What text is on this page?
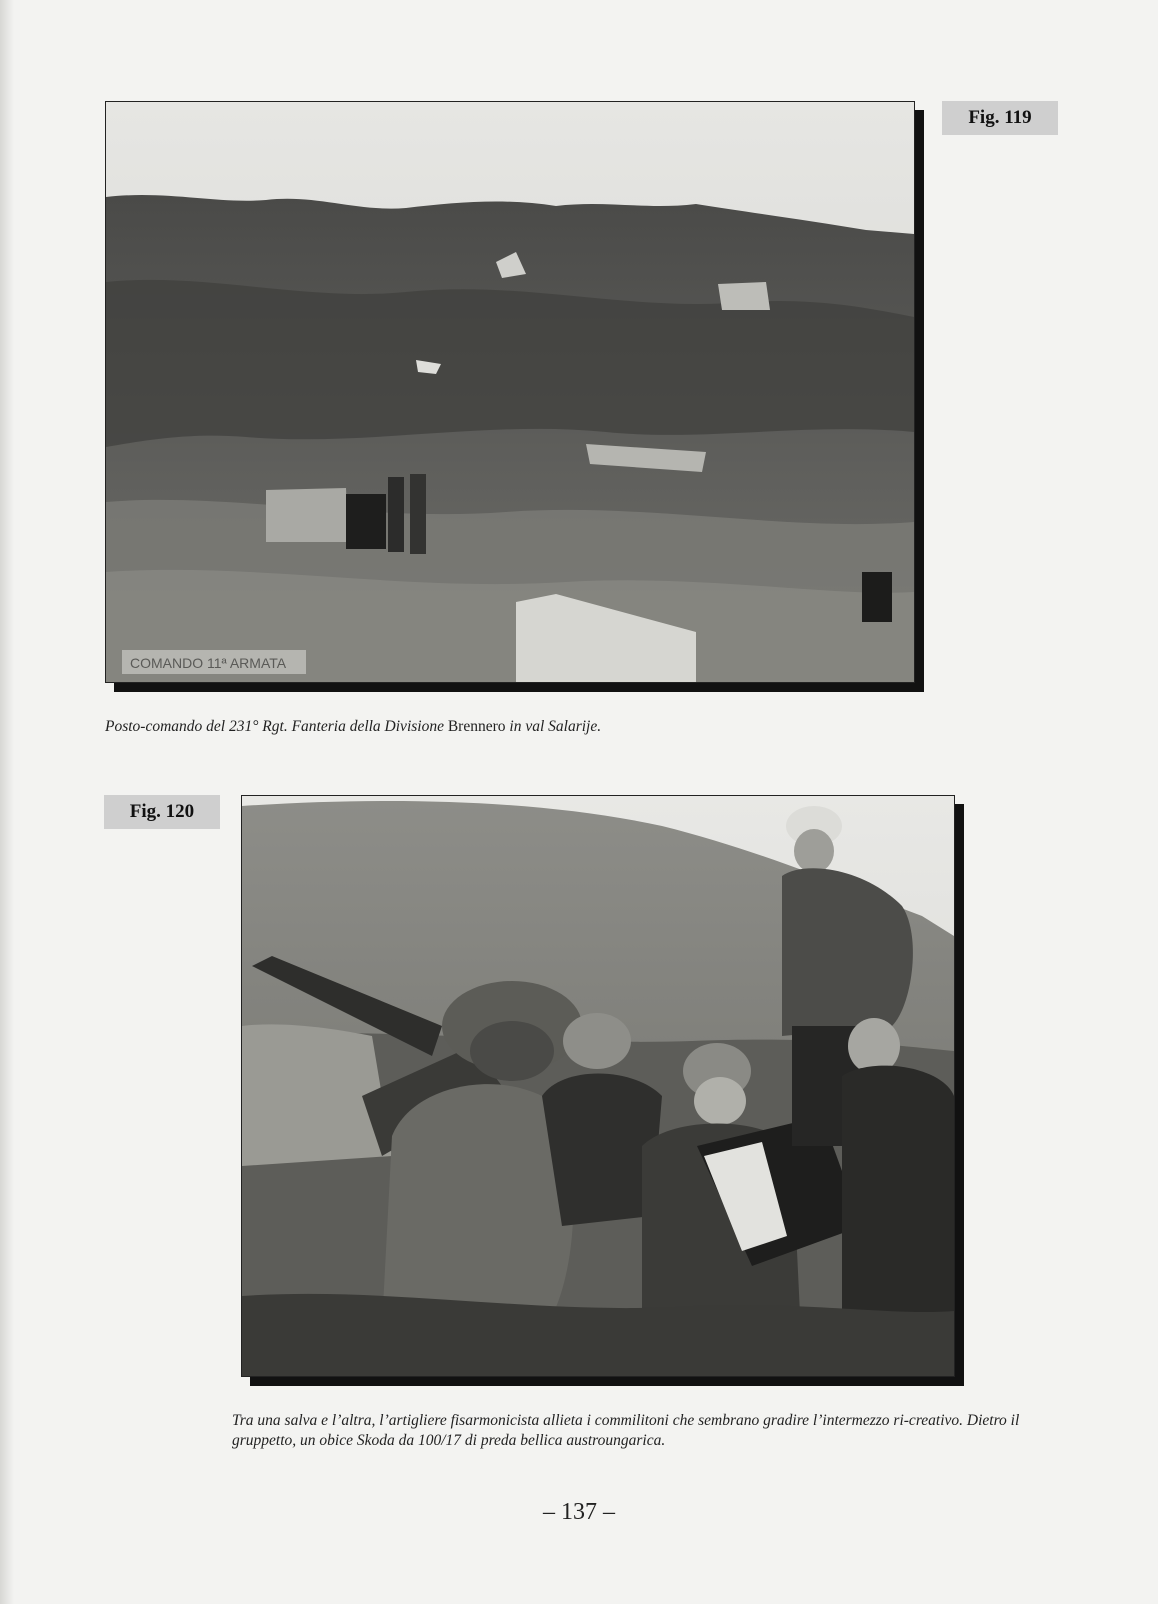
COMANDO 11ª ARMATA
Fig. 119
Posto-comando del 231° Rgt. Fanteria della Divisione Brennero in val Salarije.
Fig. 120
Tra una salva e l’altra, l’artigliere fisarmonicista allieta i commilitoni che sembrano gradire l’intermezzo ri-creativo. Dietro il gruppetto, un obice Skoda da 100/17 di preda bellica austroungarica.
– 137 –
